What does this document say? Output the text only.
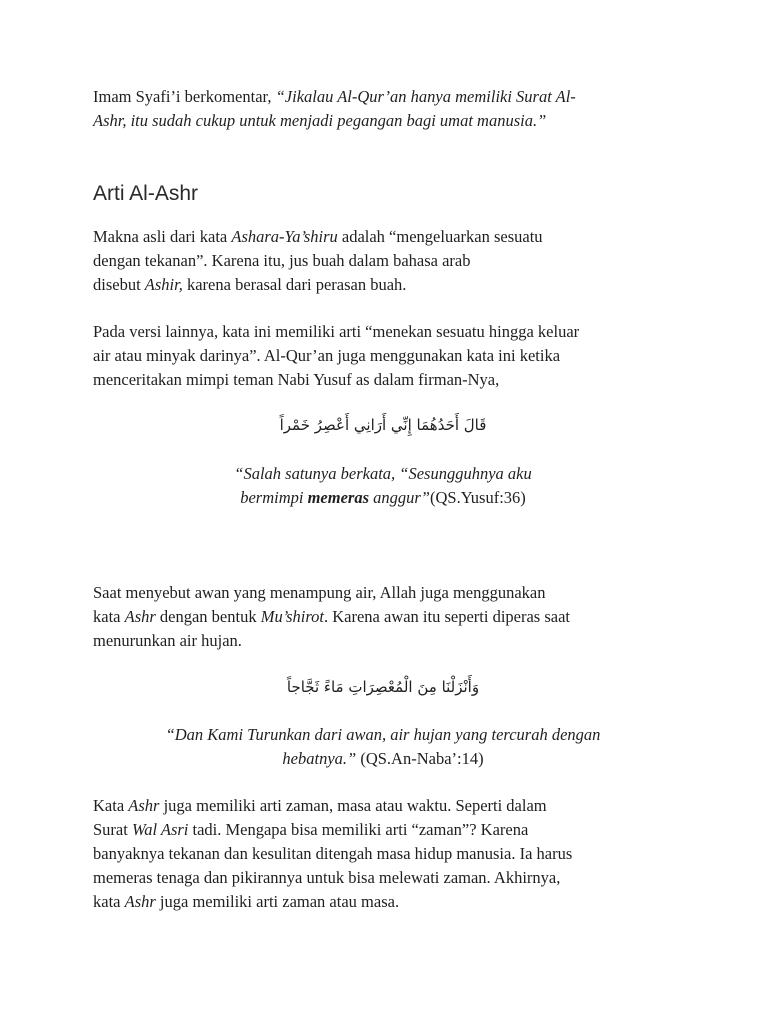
Imam Syafi’i berkomentar, “Jikalau Al-Qur’an hanya memiliki Surat Al-

Ashr, itu sudah cukup untuk menjadi pegangan bagi umat manusia.”

Arti Al-Ashr

Makna asli dari kata Ashara-Ya’shiru adalah “mengeluarkan sesuatu

dengan tekanan”. Karena itu, jus buah dalam bahasa arab

disebut Ashir, karena berasal dari perasan buah.

Pada versi lainnya, kata ini memiliki arti “menekan sesuatu hingga keluar

air atau minyak darinya”. Al-Qur’an juga menggunakan kata ini ketika

menceritakan mimpi teman Nabi Yusuf as dalam firman-Nya,

قَالَ أَحَدُهُمَا إِنِّي أَرَانِي أَعْصِرُ خَمْراً

“Salah satunya berkata, “Sesungguhnya aku

bermimpi memeras anggur”(QS.Yusuf:36)

Saat menyebut awan yang menampung air, Allah juga menggunakan

kata Ashr dengan bentuk Mu’shirot. Karena awan itu seperti diperas saat

menurunkan air hujan.

وَأَنْزَلْنَا مِنَ الْمُعْصِرَاتِ مَاءً ثَجَّاجاً

“Dan Kami Turunkan dari awan, air hujan yang tercurah dengan

hebatnya.” (QS.An-Naba’:14)

Kata Ashr juga memiliki arti zaman, masa atau waktu. Seperti dalam

Surat Wal Asri tadi. Mengapa bisa memiliki arti “zaman”? Karena

banyaknya tekanan dan kesulitan ditengah masa hidup manusia. Ia harus

memeras tenaga dan pikirannya untuk bisa melewati zaman. Akhirnya,

kata Ashr juga memiliki arti zaman atau masa.
